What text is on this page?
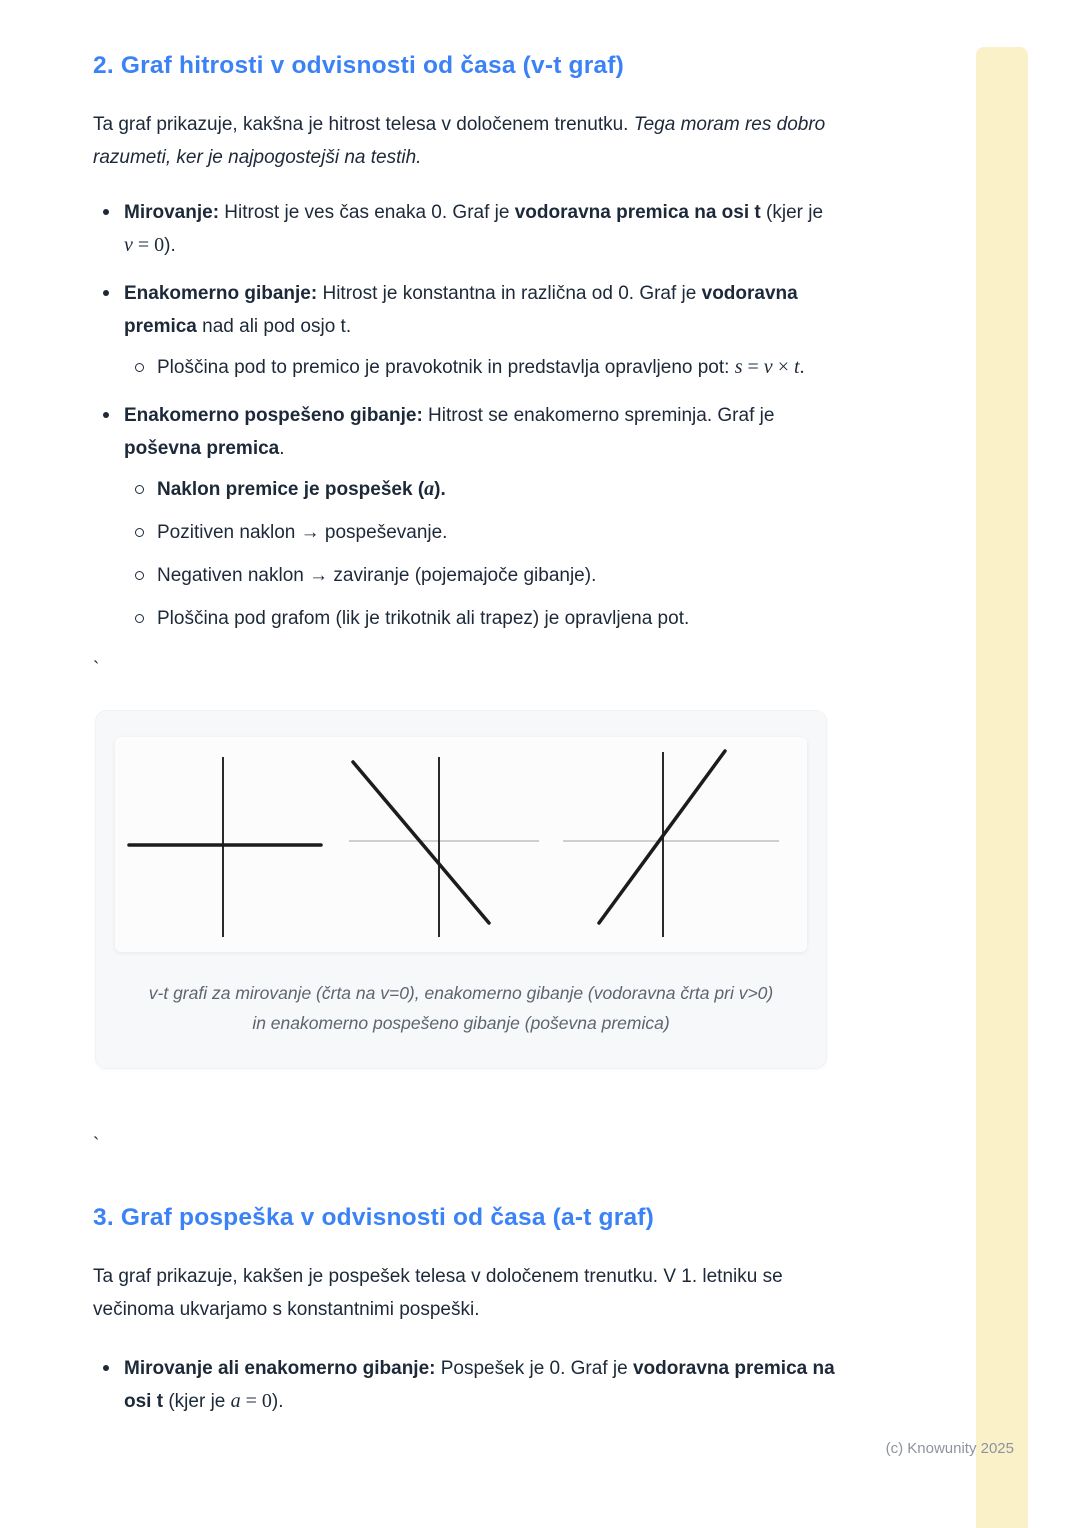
2. Graf hitrosti v odvisnosti od časa (v-t graf)

Ta graf prikazuje, kakšna je hitrost telesa v določenem trenutku. Tega moram res dobro razumeti, ker je najpogostejši na testih.

Mirovanje: Hitrost je ves čas enaka 0. Graf je vodoravna premica na osi t (kjer je v = 0).
Enakomerno gibanje: Hitrost je konstantna in različna od 0. Graf je vodoravna premica nad ali pod osjo t.
Ploščina pod to premico je pravokotnik in predstavlja opravljeno pot: s = v × t.
Enakomerno pospešeno gibanje: Hitrost se enakomerno spreminja. Graf je poševna premica.
Naklon premice je pospešek (a).
Pozitiven naklon → pospeševanje.
Negativen naklon → zaviranje (pojemajoče gibanje).
Ploščina pod grafom (lik je trikotnik ali trapez) je opravljena pot.

`

v-t grafi za mirovanje (črta na v=0), enakomerno gibanje (vodoravna črta pri v>0) in enakomerno pospešeno gibanje (poševna premica)

`

3. Graf pospeška v odvisnosti od časa (a-t graf)

Ta graf prikazuje, kakšen je pospešek telesa v določenem trenutku. V 1. letniku se večinoma ukvarjamo s konstantnimi pospeški.

Mirovanje ali enakomerno gibanje: Pospešek je 0. Graf je vodoravna premica na osi t (kjer je a = 0).
(c) Knowunity 2025
